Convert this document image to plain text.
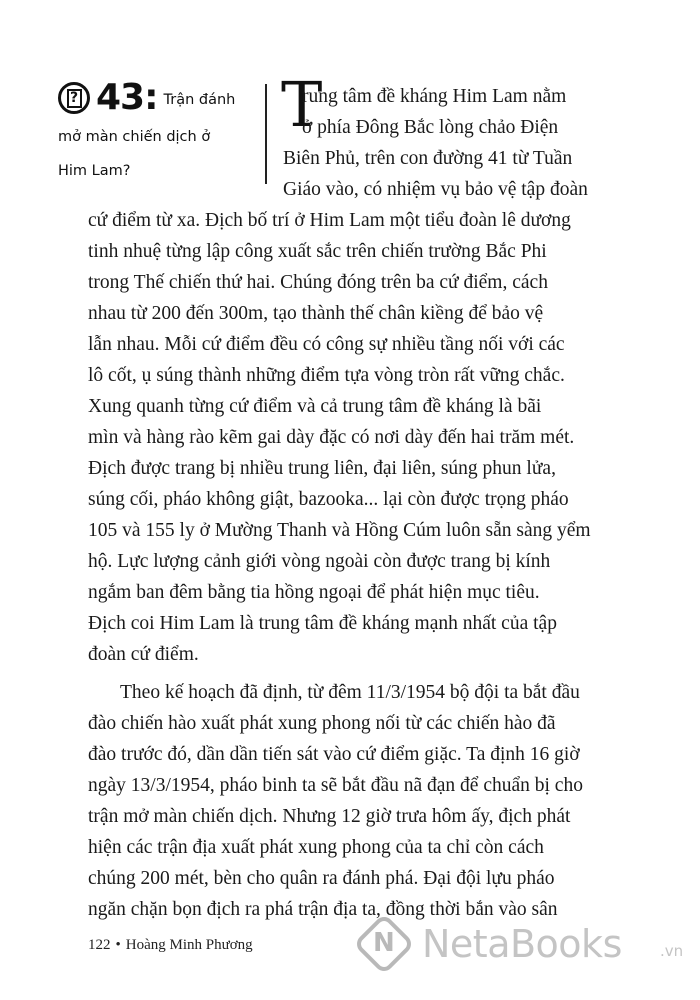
? 43: Trận đánh
mở màn chiến dịch ở
Him Lam?
T
rung tâm đề kháng Him Lam nằm
ở phía Đông Bắc lòng chảo Điện
Biên Phủ, trên con đường 41 từ Tuần
Giáo vào, có nhiệm vụ bảo vệ tập đoàn
cứ điểm từ xa. Địch bố trí ở Him Lam một tiểu đoàn lê dương
tinh nhuệ từng lập công xuất sắc trên chiến trường Bắc Phi
trong Thế chiến thứ hai. Chúng đóng trên ba cứ điểm, cách
nhau từ 200 đến 300m, tạo thành thế chân kiềng để bảo vệ
lẫn nhau. Mỗi cứ điểm đều có công sự nhiều tầng nối với các
lô cốt, ụ súng thành những điểm tựa vòng tròn rất vững chắc.
Xung quanh từng cứ điểm và cả trung tâm đề kháng là bãi
mìn và hàng rào kẽm gai dày đặc có nơi dày đến hai trăm mét.
Địch được trang bị nhiều trung liên, đại liên, súng phun lửa,
súng cối, pháo không giật, bazooka... lại còn được trọng pháo
105 và 155 ly ở Mường Thanh và Hồng Cúm luôn sẵn sàng yểm
hộ. Lực lượng cảnh giới vòng ngoài còn được trang bị kính
ngắm ban đêm bằng tia hồng ngoại để phát hiện mục tiêu.
Địch coi Him Lam là trung tâm đề kháng mạnh nhất của tập
đoàn cứ điểm.
Theo kế hoạch đã định, từ đêm 11/3/1954 bộ đội ta bắt đầu
đào chiến hào xuất phát xung phong nối từ các chiến hào đã
đào trước đó, dần dần tiến sát vào cứ điểm giặc. Ta định 16 giờ
ngày 13/3/1954, pháo binh ta sẽ bắt đầu nã đạn để chuẩn bị cho
trận mở màn chiến dịch. Nhưng 12 giờ trưa hôm ấy, địch phát
hiện các trận địa xuất phát xung phong của ta chỉ còn cách
chúng 200 mét, bèn cho quân ra đánh phá. Đại đội lựu pháo
ngăn chặn bọn địch ra phá trận địa ta, đồng thời bắn vào sân
122 • Hoàng Minh Phương	N NetaBooks	.vn
